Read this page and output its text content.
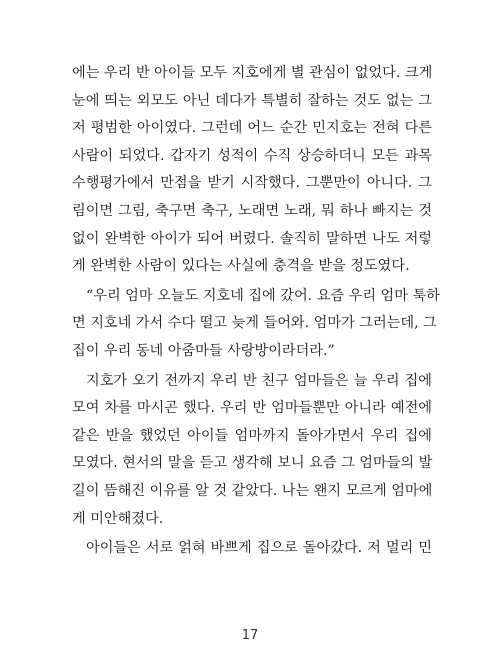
에는 우리 반 아이들 모두 지호에게 별 관심이 없었다. 크게
눈에 띄는 외모도 아닌 데다가 특별히 잘하는 것도 없는 그
저 평범한 아이였다. 그런데 어느 순간 민지호는 전혀 다른
사람이 되었다. 갑자기 성적이 수직 상승하더니 모든 과목
수행평가에서 만점을 받기 시작했다. 그뿐만이 아니다. 그
림이면 그림, 축구면 축구, 노래면 노래, 뭐 하나 빠지는 것
없이 완벽한 아이가 되어 버렸다. 솔직히 말하면 나도 저렇
게 완벽한 사람이 있다는 사실에 충격을 받을 정도였다.

“우리 엄마 오늘도 지호네 집에 갔어. 요즘 우리 엄마 툭하
면 지호네 가서 수다 떨고 늦게 들어와. 엄마가 그러는데, 그
집이 우리 동네 아줌마들 사랑방이라더라.”

지호가 오기 전까지 우리 반 친구 엄마들은 늘 우리 집에
모여 차를 마시곤 했다. 우리 반 엄마들뿐만 아니라 예전에
같은 반을 했었던 아이들 엄마까지 돌아가면서 우리 집에
모였다. 현서의 말을 듣고 생각해 보니 요즘 그 엄마들의 발
길이 뜸해진 이유를 알 것 같았다. 나는 왠지 모르게 엄마에
게 미안해졌다.

아이들은 서로 얽혀 바쁘게 집으로 돌아갔다. 저 멀리 민

17
